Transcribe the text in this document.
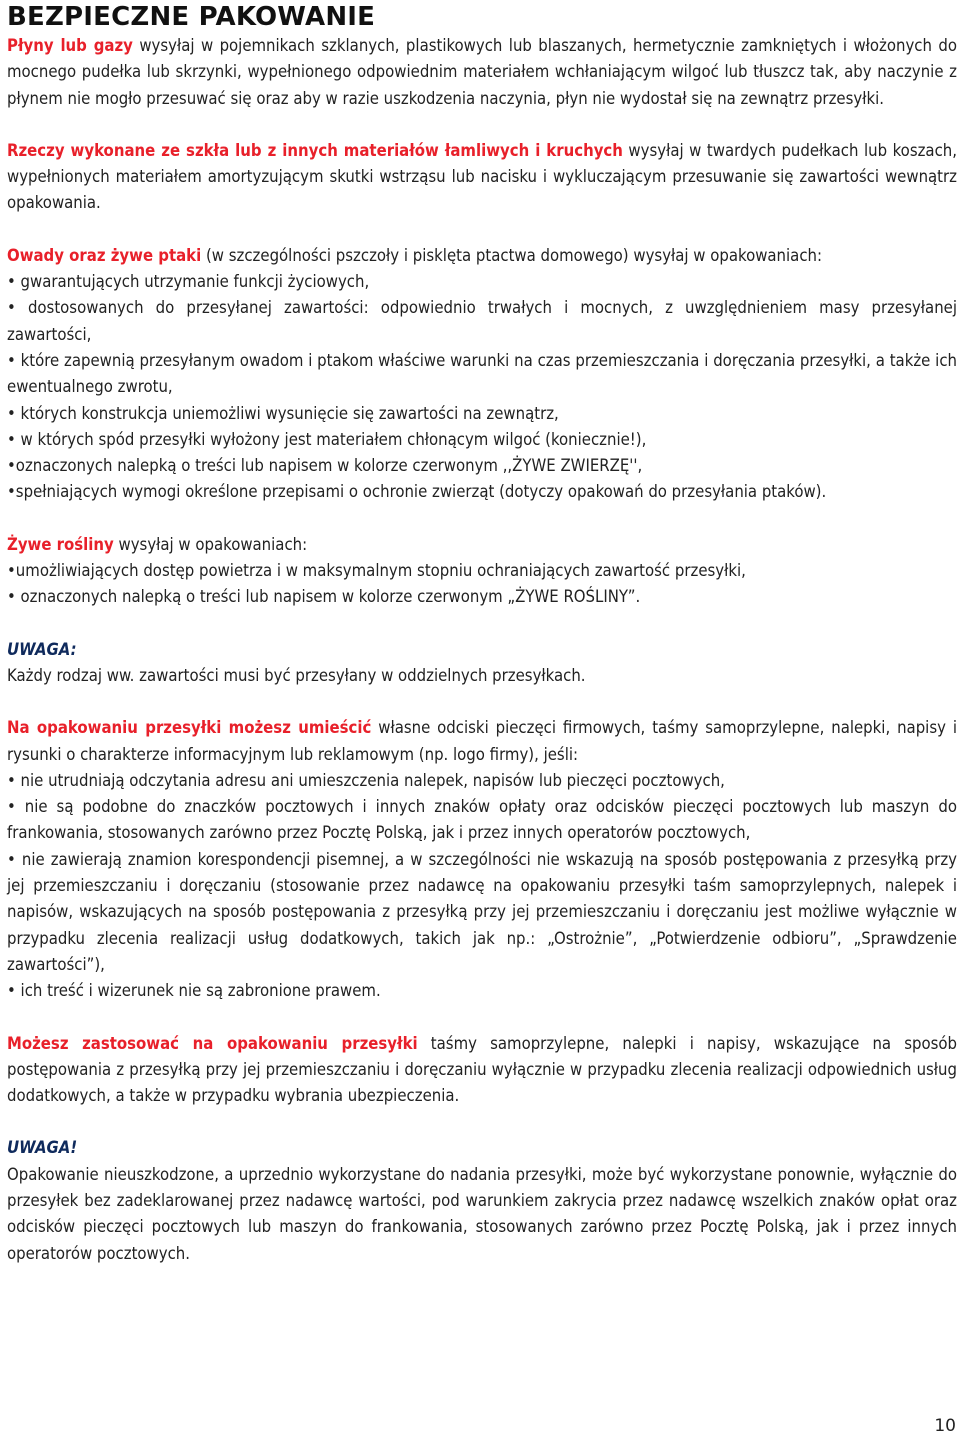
BEZPIECZNE PAKOWANIE

Płyny lub gazy wysyłaj w pojemnikach szklanych, plastikowych lub blaszanych, hermetycznie zamkniętych i włożonych do mocnego pudełka lub skrzynki, wypełnionego odpowiednim materiałem wchłaniającym wilgoć lub tłuszcz tak, aby naczynie z płynem nie mogło przesuwać się oraz aby w razie uszkodzenia naczynia, płyn nie wydostał się na zewnątrz przesyłki.

Rzeczy wykonane ze szkła lub z innych materiałów łamliwych i kruchych wysyłaj w twardych pudełkach lub koszach, wypełnionych materiałem amortyzującym skutki wstrząsu lub nacisku i wykluczającym przesuwanie się zawartości wewnątrz opakowania.

Owady oraz żywe ptaki (w szczególności pszczoły i pisklęta ptactwa domowego) wysyłaj w opakowaniach:

• gwarantujących utrzymanie funkcji życiowych,
• dostosowanych do przesyłanej zawartości: odpowiednio trwałych i mocnych, z uwzględnieniem masy przesyłanej zawartości,
• które zapewnią przesyłanym owadom i ptakom właściwe warunki na czas przemieszczania i doręczania przesyłki, a także ich ewentualnego zwrotu,
• których konstrukcja uniemożliwi wysunięcie się zawartości na zewnątrz,
• w których spód przesyłki wyłożony jest materiałem chłonącym wilgoć (koniecznie!),
•oznaczonych nalepką o treści lub napisem w kolorze czerwonym ,,ŻYWE ZWIERZĘ'',
•spełniających wymogi określone przepisami o ochronie zwierząt (dotyczy opakowań do przesyłania ptaków).

Żywe rośliny wysyłaj w opakowaniach:

•umożliwiających dostęp powietrza i w maksymalnym stopniu ochraniających zawartość przesyłki,
• oznaczonych nalepką o treści lub napisem w kolorze czerwonym „ŻYWE ROŚLINY”.

UWAGA:

Każdy rodzaj ww. zawartości musi być przesyłany w oddzielnych przesyłkach.

Na opakowaniu przesyłki możesz umieścić własne odciski pieczęci firmowych, taśmy samoprzylepne, nalepki, napisy i rysunki o charakterze informacyjnym lub reklamowym (np. logo firmy), jeśli:

• nie utrudniają odczytania adresu ani umieszczenia nalepek, napisów lub pieczęci pocztowych,
• nie są podobne do znaczków pocztowych i innych znaków opłaty oraz odcisków pieczęci pocztowych lub maszyn do frankowania, stosowanych zarówno przez Pocztę Polską, jak i przez innych operatorów pocztowych,
• nie zawierają znamion korespondencji pisemnej, a w szczególności nie wskazują na sposób postępowania z przesyłką przy jej przemieszczaniu i doręczaniu (stosowanie przez nadawcę na opakowaniu przesyłki taśm samoprzylepnych, nalepek i napisów, wskazujących na sposób postępowania z przesyłką przy jej przemieszczaniu i doręczaniu jest możliwe wyłącznie w przypadku zlecenia realizacji usług dodatkowych, takich jak np.: „Ostrożnie”, „Potwierdzenie odbioru”, „Sprawdzenie zawartości”),
• ich treść i wizerunek nie są zabronione prawem.

Możesz zastosować na opakowaniu przesyłki taśmy samoprzylepne, nalepki i napisy, wskazujące na sposób postępowania z przesyłką przy jej przemieszczaniu i doręczaniu wyłącznie w przypadku zlecenia realizacji odpowiednich usług dodatkowych, a także w przypadku wybrania ubezpieczenia.

UWAGA!

Opakowanie nieuszkodzone, a uprzednio wykorzystane do nadania przesyłki, może być wykorzystane ponownie, wyłącznie do przesyłek bez zadeklarowanej przez nadawcę wartości, pod warunkiem zakrycia przez nadawcę wszelkich znaków opłat oraz odcisków pieczęci pocztowych lub maszyn do frankowania, stosowanych zarówno przez Pocztę Polską, jak i przez innych operatorów pocztowych.

10
